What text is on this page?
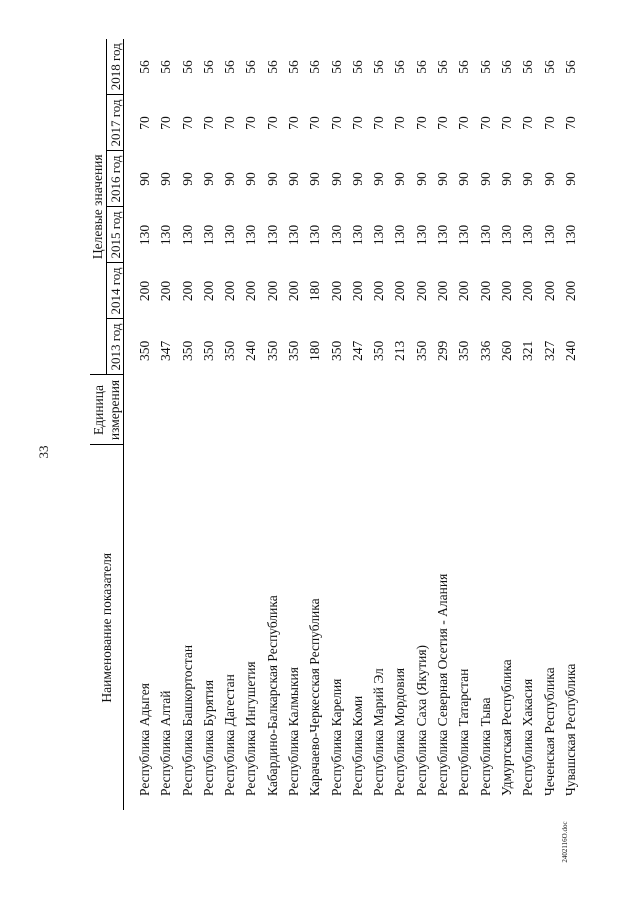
33
Наименование показателя	Единица
измерения	Целевые значения					
		2013 год	2014 год	2015 год	2016 год	2017 год	2018 год

Республика Адыгея		350	200	130	90	70	56
Республика Алтай		347	200	130	90	70	56
Республика Башкортостан		350	200	130	90	70	56
Республика Бурятия		350	200	130	90	70	56
Республика Дагестан		350	200	130	90	70	56
Республика Ингушетия		240	200	130	90	70	56
Кабардино-Балкарская Республика		350	200	130	90	70	56
Республика Калмыкия		350	200	130	90	70	56
Карачаево-Черкесская Республика		180	180	130	90	70	56
Республика Карелия		350	200	130	90	70	56
Республика Коми		247	200	130	90	70	56
Республика Марий Эл		350	200	130	90	70	56
Республика Мордовия		213	200	130	90	70	56
Республика Саха (Якутия)		350	200	130	90	70	56
Республика Северная Осетия - Алания		299	200	130	90	70	56
Республика Татарстан		350	200	130	90	70	56
Республика Тыва		336	200	130	90	70	56
Удмуртская Республика		260	200	130	90	70	56
Республика Хакасия		321	200	130	90	70	56
Чеченская Республика		327	200	130	90	70	56
Чувашская Республика		240	200	130	90	70	56
2402116O.doc
